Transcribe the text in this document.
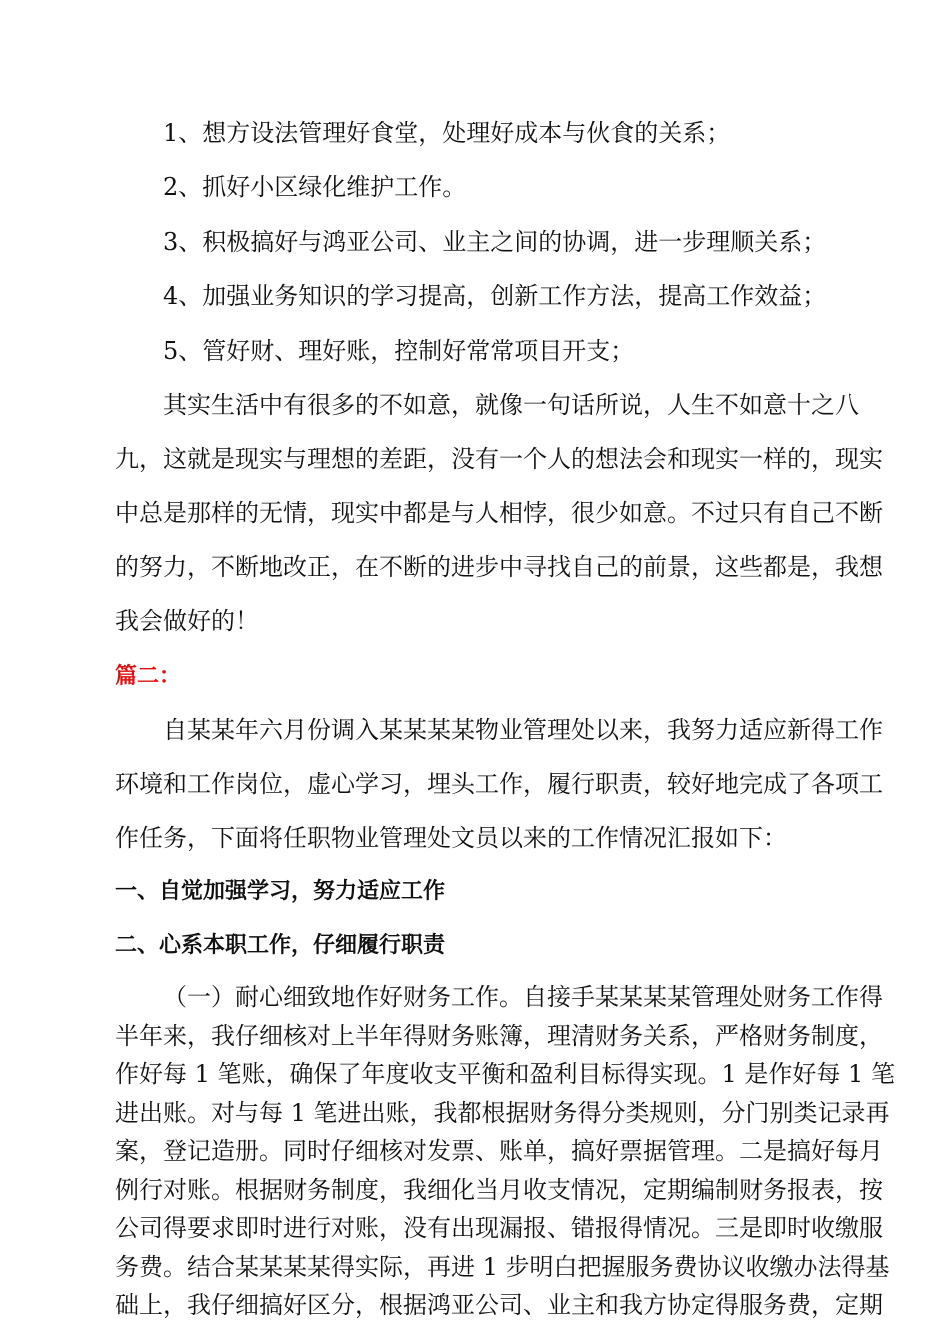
1、想方设法管理好食堂，处理好成本与伙食的关系；

2、抓好小区绿化维护工作。

3、积极搞好与鸿亚公司、业主之间的协调，进一步理顺关系；

4、加强业务知识的学习提高，创新工作方法，提高工作效益；

5、管好财、理好账，控制好常常项目开支；

其实生活中有很多的不如意，就像一句话所说，人生不如意十之八

九，这就是现实与理想的差距，没有一个人的想法会和现实一样的，现实

中总是那样的无情，现实中都是与人相悖，很少如意。不过只有自己不断

的努力，不断地改正，在不断的进步中寻找自己的前景，这些都是，我想

我会做好的！

篇二：

自某某年六月份调入某某某某物业管理处以来，我努力适应新得工作

环境和工作岗位，虚心学习，埋头工作，履行职责，较好地完成了各项工

作任务，下面将任职物业管理处文员以来的工作情况汇报如下：

一、自觉加强学习，努力适应工作

二、心系本职工作，仔细履行职责

（一）耐心细致地作好财务工作。自接手某某某某管理处财务工作得

半年来，我仔细核对上半年得财务账簿，理清财务关系，严格财务制度，

作好每 1 笔账，确保了年度收支平衡和盈利目标得实现。1 是作好每 1 笔

进出账。对与每 1 笔进出账，我都根据财务得分类规则，分门别类记录再

案，登记造册。同时仔细核对发票、账单，搞好票据管理。二是搞好每月

例行对账。根据财务制度，我细化当月收支情况，定期编制财务报表，按

公司得要求即时进行对账，没有出现漏报、错报得情况。三是即时收缴服

务费。结合某某某某得实际，再进 1 步明白把握服务费协议收缴办法得基

础上，我仔细搞好区分，根据鸿亚公司、业主和我方协定得服务费，定期
